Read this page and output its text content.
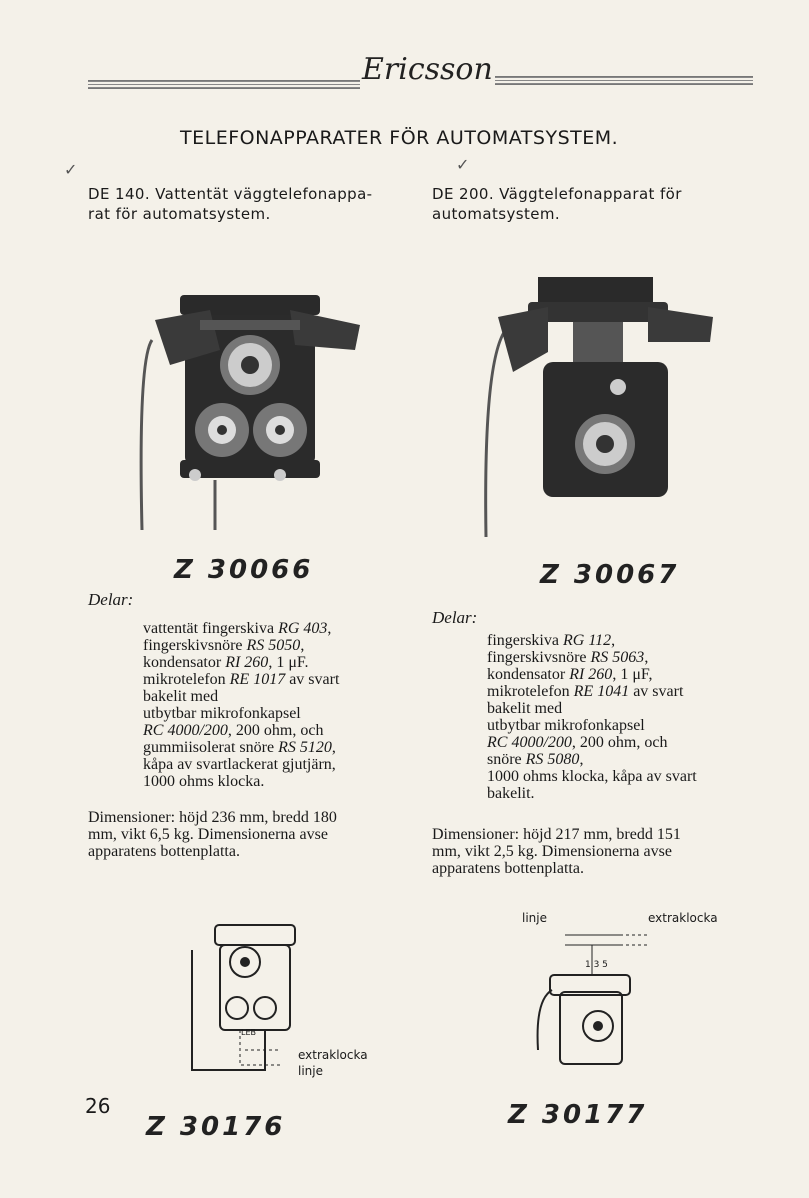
Ericsson
TELEFONAPPARATER FÖR AUTOMATSYSTEM.
✓	✓
DE 140. Vattentät väggtelefonappa-
rat för automatsystem.
DE 200. Väggtelefonapparat för
automatsystem.
Z 30066	Z 30067
Delar:
Delar:
vattentät fingerskiva RG 403,
fingerskivsnöre RS 5050,
kondensator RI 260, 1 μF.
mikrotelefon RE 1017 av svart
bakelit med
utbytbar mikrofonkapsel
RC 4000/200, 200 ohm, och
gummiisolerat snöre RS 5120,
kåpa av svartlackerat gjutjärn,
1000 ohms klocka.
fingerskiva RG 112,
fingerskivsnöre RS 5063,
kondensator RI 260, 1 μF,
mikrotelefon RE 1041 av svart
bakelit med
utbytbar mikrofonkapsel
RC 4000/200, 200 ohm, och
snöre RS 5080,
1000 ohms klocka, kåpa av svart
bakelit.
Dimensioner: höjd 236 mm, bredd 180
mm, vikt 6,5 kg. Dimensionerna avse
apparatens bottenplatta.
Dimensioner: höjd 217 mm, bredd 151
mm, vikt 2,5 kg. Dimensionerna avse
apparatens bottenplatta.
LEB
extraklocka
linje
linje	extraklocka
1 3 5
Z 30176	Z 30177
26
